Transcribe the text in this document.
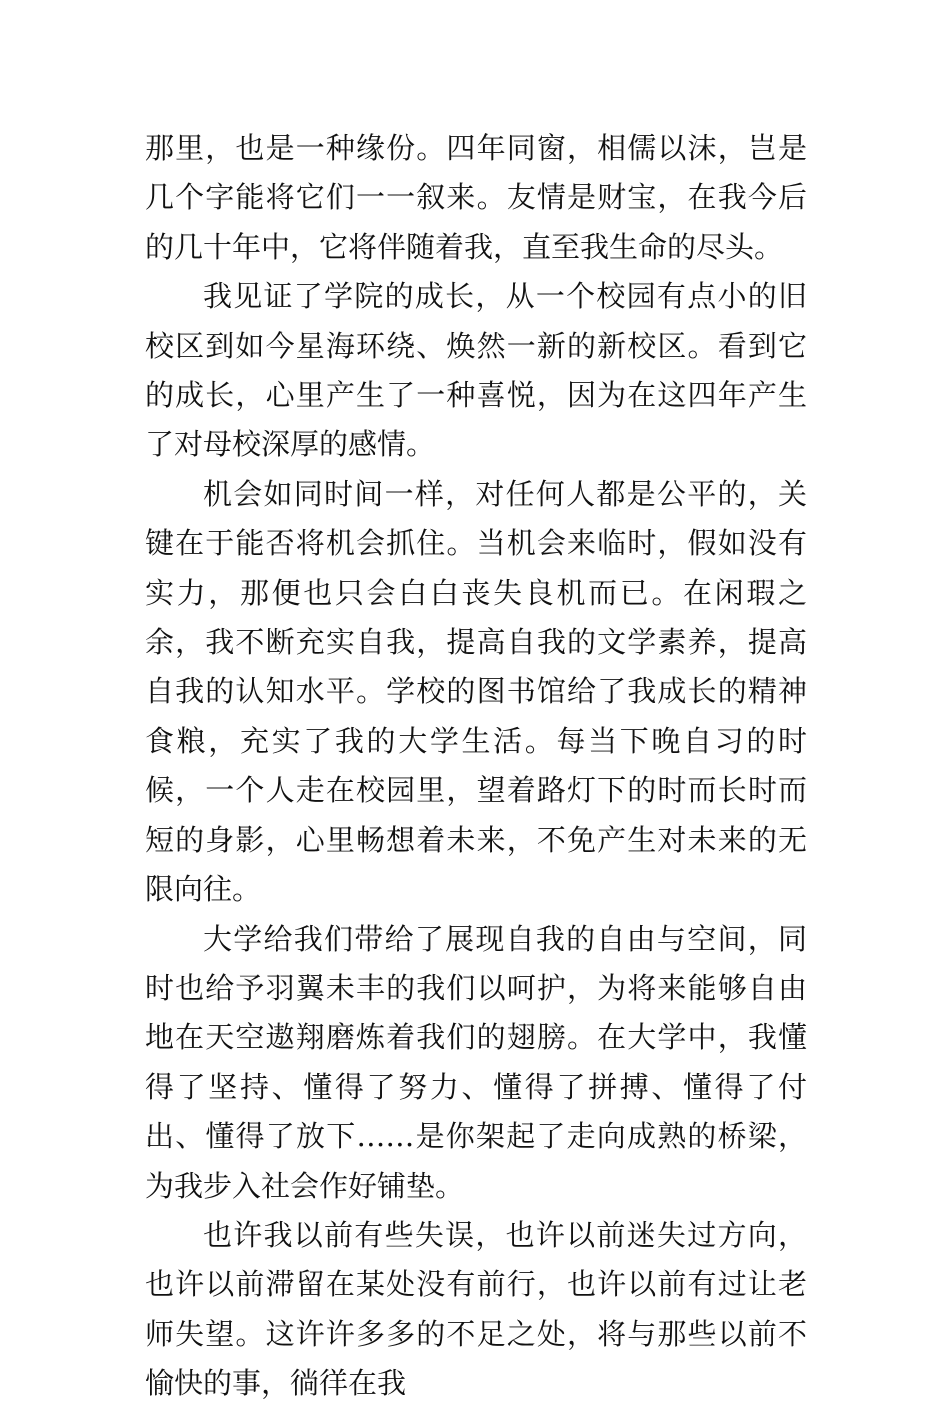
那里，也是一种缘份。四年同窗，相儒以沫，岂是几个字能将它们一一叙来。友情是财宝，在我今后的几十年中，它将伴随着我，直至我生命的尽头。

我见证了学院的成长，从一个校园有点小的旧校区到如今星海环绕、焕然一新的新校区。看到它的成长，心里产生了一种喜悦，因为在这四年产生了对母校深厚的感情。

机会如同时间一样，对任何人都是公平的，关键在于能否将机会抓住。当机会来临时，假如没有实力，那便也只会白白丧失良机而已。在闲瑕之余，我不断充实自我，提高自我的文学素养，提高自我的认知水平。学校的图书馆给了我成长的精神食粮，充实了我的大学生活。每当下晚自习的时候，一个人走在校园里，望着路灯下的时而长时而短的身影，心里畅想着未来，不免产生对未来的无限向往。

大学给我们带给了展现自我的自由与空间，同时也给予羽翼未丰的我们以呵护，为将来能够自由地在天空遨翔磨炼着我们的翅膀。在大学中，我懂得了坚持、懂得了努力、懂得了拼搏、懂得了付出、懂得了放下……是你架起了走向成熟的桥梁，为我步入社会作好铺垫。

也许我以前有些失误，也许以前迷失过方向，也许以前滞留在某处没有前行，也许以前有过让老师失望。这许许多多的不足之处，将与那些以前不愉快的事，徜徉在我
